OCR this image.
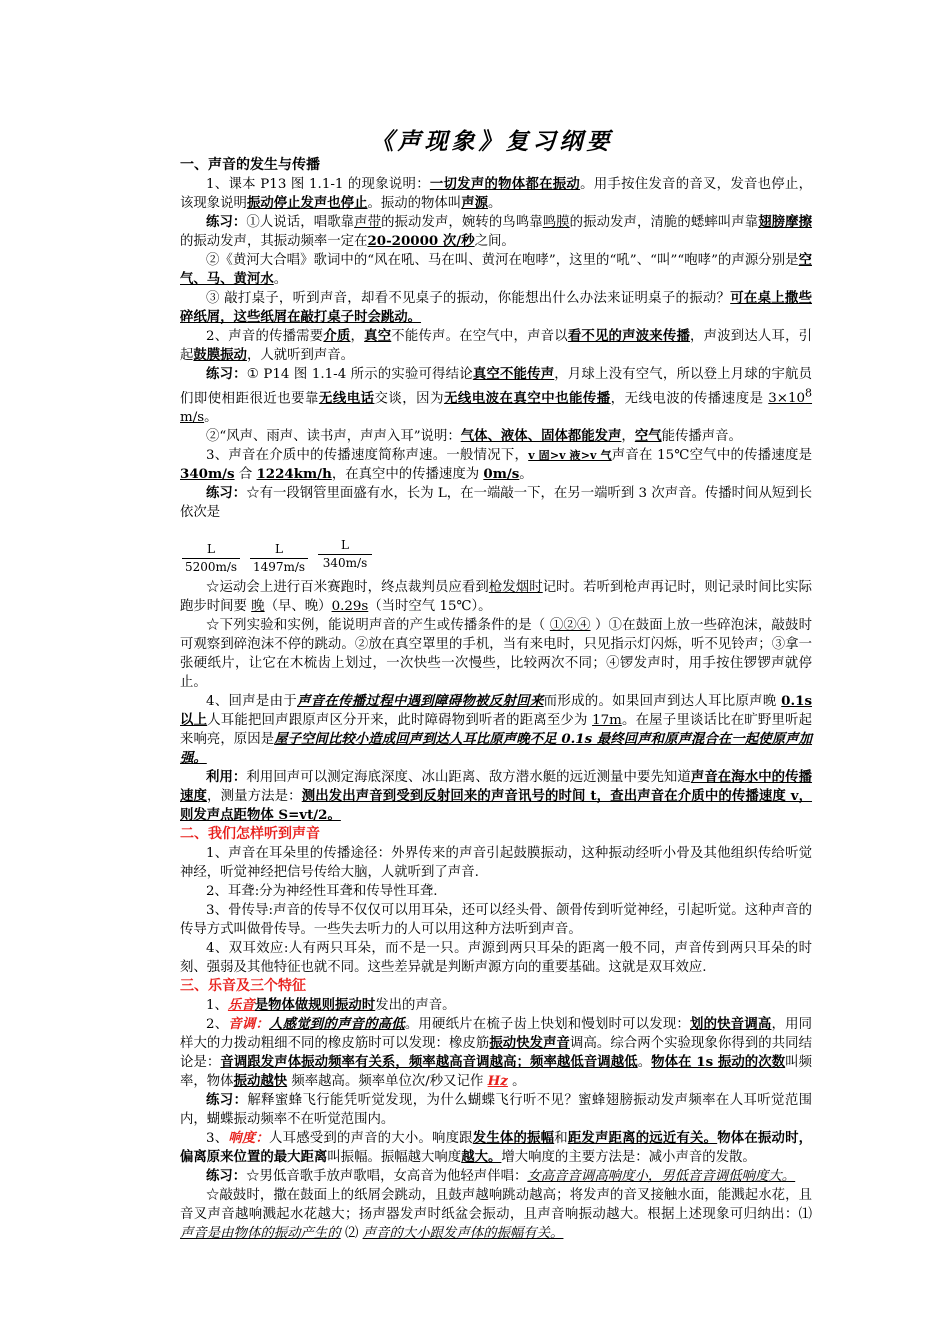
《声现象》复习纲要
一、声音的发生与传播

1、课本 P13 图 1.1-1 的现象说明：一切发声的物体都在振动。用手按住发音的音叉，发音也停止，该现象说明振动停止发声也停止。振动的物体叫声源。

练习：①人说话，唱歌靠声带的振动发声，婉转的鸟鸣靠鸣膜的振动发声，清脆的蟋蟀叫声靠翅膀摩擦的振动发声，其振动频率一定在20-20000 次/秒之间。

②《黄河大合唱》歌词中的“风在吼、马在叫、黄河在咆哮”，这里的“吼”、“叫”“咆哮”的声源分别是空气、马、黄河水。

③ 敲打桌子，听到声音，却看不见桌子的振动，你能想出什么办法来证明桌子的振动？可在桌上撒些碎纸屑，这些纸屑在敲打桌子时会跳动。

2、声音的传播需要介质，真空不能传声。在空气中，声音以看不见的声波来传播，声波到达人耳，引起鼓膜振动，人就听到声音。

练习：① P14 图 1.1-4 所示的实验可得结论真空不能传声，月球上没有空气，所以登上月球的宇航员们即使相距很近也要靠无线电话交谈，因为无线电波在真空中也能传播，无线电波的传播速度是 $3\times 10^8$ m/s。

②“风声、雨声、读书声，声声入耳”说明：气体、液体、固体都能发声，空气能传播声音。

3、声音在介质中的传播速度简称声速。一般情况下，v 固>v 液>v 气声音在 15℃空气中的传播速度是 340m/s 合 1224km/h，在真空中的传播速度为 0m/s。

练习：☆有一段钢管里面盛有水，长为 L，在一端敲一下，在另一端听到 3 次声音。传播时间从短到长依次是

$\frac{L}{5200m/s} \frac{L}{1497m/s} \frac{L}{340m/s}$

☆运动会上进行百米赛跑时，终点裁判员应看到枪发烟时记时。若听到枪声再记时，则记录时间比实际跑步时间要 晚（早、晚）0.29s（当时空气 15℃）。

☆下列实验和实例，能说明声音的产生或传播条件的是（ ①②④ ）①在鼓面上放一些碎泡沫，敲鼓时可观察到碎泡沫不停的跳动。②放在真空罩里的手机，当有来电时，只见指示灯闪烁，听不见铃声；③拿一张硬纸片，让它在木梳齿上划过，一次快些一次慢些，比较两次不同；④锣发声时，用手按住锣锣声就停止。

4、回声是由于声音在传播过程中遇到障碍物被反射回来而形成的。如果回声到达人耳比原声晚 0.1s 以上人耳能把回声跟原声区分开来，此时障碍物到听者的距离至少为 17m。在屋子里谈话比在旷野里听起来响亮，原因是屋子空间比较小造成回声到达人耳比原声晚不足 0.1s 最终回声和原声混合在一起使原声加强。

利用：利用回声可以测定海底深度、冰山距离、敌方潜水艇的远近测量中要先知道声音在海水中的传播速度，测量方法是：测出发出声音到受到反射回来的声音讯号的时间 t，查出声音在介质中的传播速度 v，则发声点距物体 S=vt/2。

二、我们怎样听到声音

1、声音在耳朵里的传播途径：外界传来的声音引起鼓膜振动，这种振动经听小骨及其他组织传给听觉神经，听觉神经把信号传给大脑，人就听到了声音.

2、耳聋:分为神经性耳聋和传导性耳聋.

3、骨传导:声音的传导不仅仅可以用耳朵，还可以经头骨、颌骨传到听觉神经，引起听觉。这种声音的传导方式叫做骨传导。一些失去听力的人可以用这种方法听到声音。

4、双耳效应:人有两只耳朵，而不是一只。声源到两只耳朵的距离一般不同，声音传到两只耳朵的时刻、强弱及其他特征也就不同。这些差异就是判断声源方向的重要基础。这就是双耳效应.

三、乐音及三个特征

1、乐音是物体做规则振动时发出的声音。

2、音调：人感觉到的声音的高低。用硬纸片在梳子齿上快划和慢划时可以发现：划的快音调高，用同样大的力拨动粗细不同的橡皮筋时可以发现：橡皮筋振动快发声音调高。综合两个实验现象你得到的共同结论是：音调跟发声体振动频率有关系，频率越高音调越高；频率越低音调越低。物体在 1s 振动的次数叫频率，物体振动越快 频率越高。频率单位次/秒又记作 Hz 。

练习：解释蜜蜂飞行能凭听觉发现，为什么蝴蝶飞行听不见？蜜蜂翅膀振动发声频率在人耳听觉范围内，蝴蝶振动频率不在听觉范围内。

3、响度：人耳感受到的声音的大小。响度跟发生体的振幅和距发声距离的远近有关。物体在振动时，偏离原来位置的最大距离叫振幅。振幅越大响度越大。增大响度的主要方法是：减小声音的发散。

练习：☆男低音歌手放声歌唱，女高音为他轻声伴唱：女高音音调高响度小，男低音音调低响度大。

☆敲鼓时，撒在鼓面上的纸屑会跳动，且鼓声越响跳动越高；将发声的音叉接触水面，能溅起水花，且音叉声音越响溅起水花越大；扬声器发声时纸盆会振动，且声音响振动越大。根据上述现象可归纳出：⑴ 声音是由物体的振动产生的 ⑵ 声音的大小跟发声体的振幅有关。
